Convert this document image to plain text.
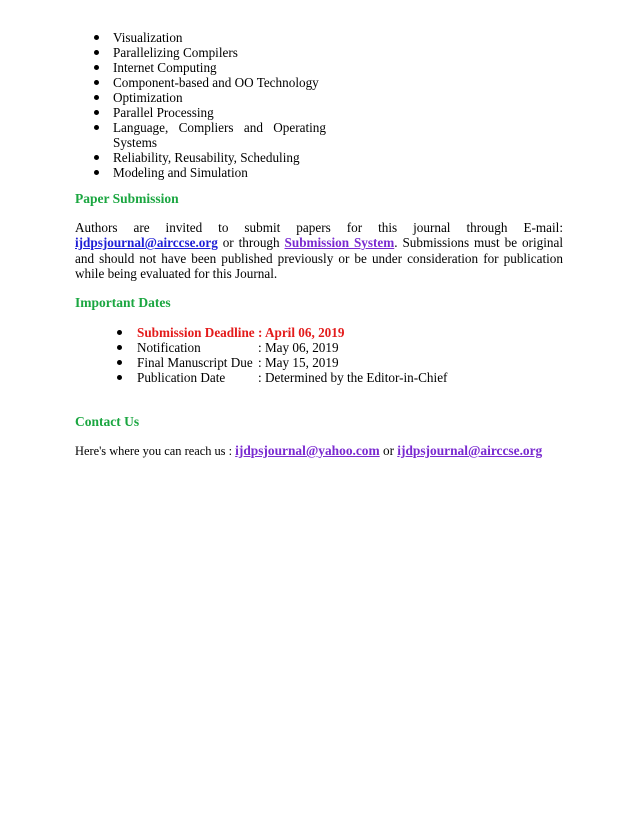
Visualization
Parallelizing Compilers
Internet Computing
Component-based and OO Technology
Optimization
Parallel Processing
Language, Compliers and Operating Systems
Reliability, Reusability, Scheduling
Modeling and Simulation
Paper Submission

Authors are invited to submit papers for this journal through E-mail: ijdpsjournal@airccse.org or through Submission System. Submissions must be original and should not have been published previously or be under consideration for publication while being evaluated for this Journal.

Important Dates
Submission Deadline : April 06, 2019
Notification	: May 06, 2019
Final Manuscript Due : May 15, 2019
Publication Date : Determined by the Editor-in-Chief
Contact Us

Here's where you can reach us : ijdpsjournal@yahoo.com or ijdpsjournal@airccse.org
